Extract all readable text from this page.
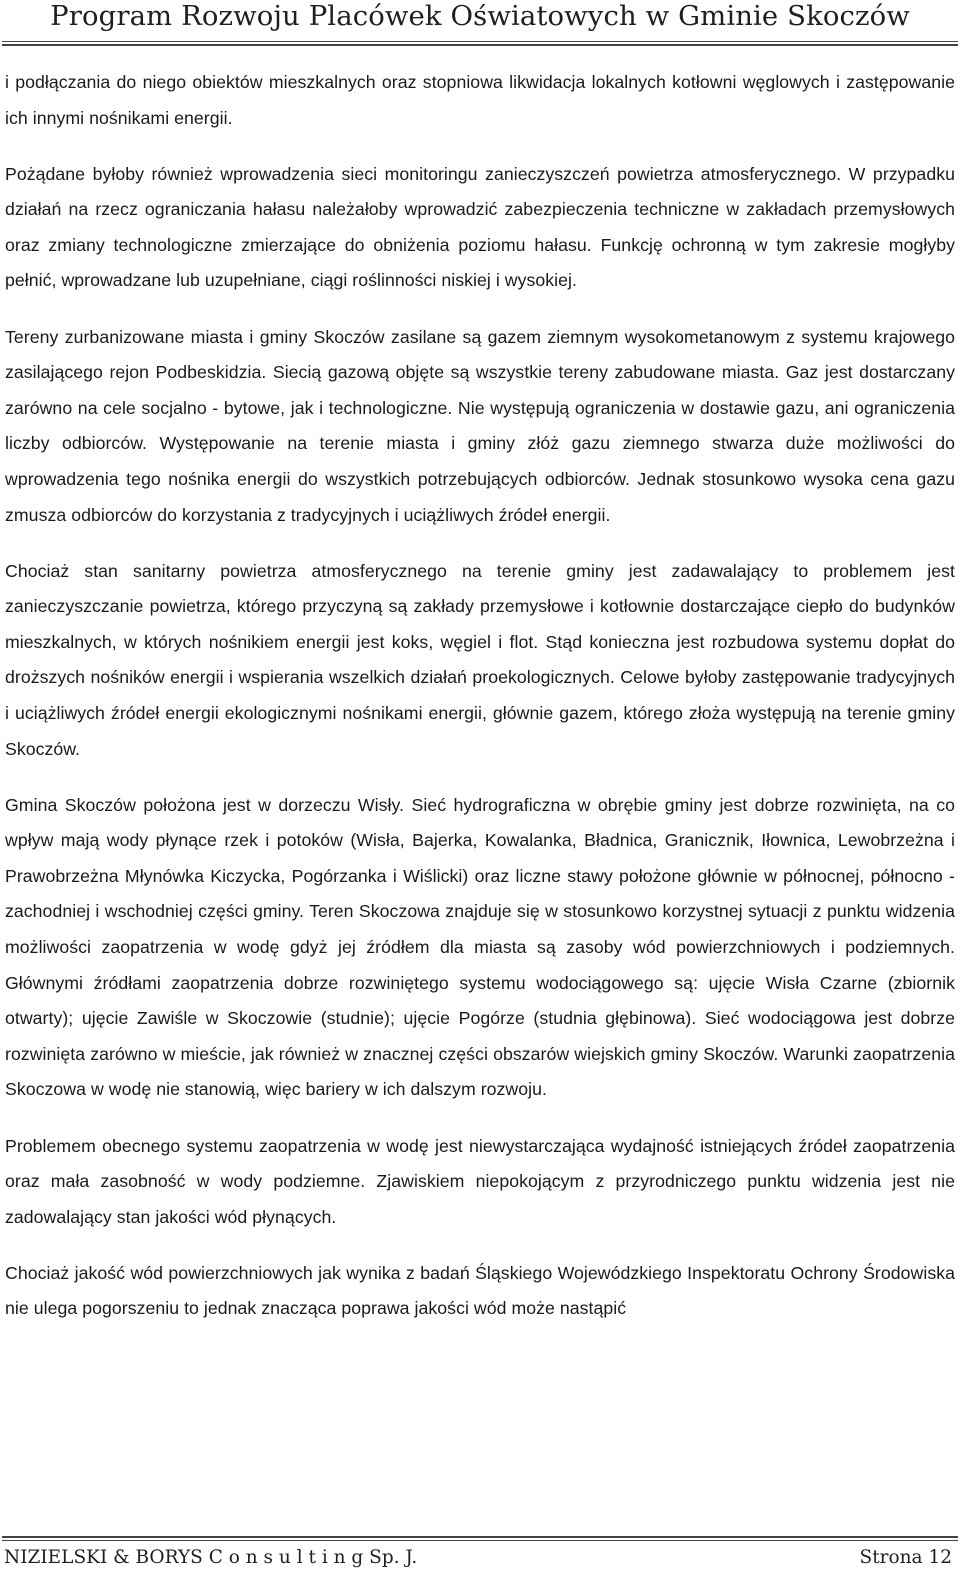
Program Rozwoju Placówek Oświatowych w Gminie Skoczów

i podłączania do niego obiektów mieszkalnych oraz stopniowa likwidacja lokalnych kotłowni węglowych i zastępowanie ich innymi nośnikami energii.

Pożądane byłoby również wprowadzenia sieci monitoringu zanieczyszczeń powietrza atmosferycznego. W przypadku działań na rzecz ograniczania hałasu należałoby wprowadzić zabezpieczenia techniczne w zakładach przemysłowych oraz zmiany technologiczne zmierzające do obniżenia poziomu hałasu. Funkcję ochronną w tym zakresie mogłyby pełnić, wprowadzane lub uzupełniane, ciągi roślinności niskiej i wysokiej.

Tereny zurbanizowane miasta i gminy Skoczów zasilane są gazem ziemnym wysokometanowym z systemu krajowego zasilającego rejon Podbeskidzia. Siecią gazową objęte są wszystkie tereny zabudowane miasta. Gaz jest dostarczany zarówno na cele socjalno - bytowe, jak i technologiczne. Nie występują ograniczenia w dostawie gazu, ani ograniczenia liczby odbiorców. Występowanie na terenie miasta i gminy złóż gazu ziemnego stwarza duże możliwości do wprowadzenia tego nośnika energii do wszystkich potrzebujących odbiorców. Jednak stosunkowo wysoka cena gazu zmusza odbiorców do korzystania z tradycyjnych i uciążliwych źródeł energii.

Chociaż stan sanitarny powietrza atmosferycznego na terenie gminy jest zadawalający to problemem jest zanieczyszczanie powietrza, którego przyczyną są zakłady przemysłowe i kotłownie dostarczające ciepło do budynków mieszkalnych, w których nośnikiem energii jest koks, węgiel i flot. Stąd konieczna jest rozbudowa systemu dopłat do droższych nośników energii i wspierania wszelkich działań proekologicznych. Celowe byłoby zastępowanie tradycyjnych i uciążliwych źródeł energii ekologicznymi nośnikami energii, głównie gazem, którego złoża występują na terenie gminy Skoczów.

Gmina Skoczów położona jest w dorzeczu Wisły. Sieć hydrograficzna w obrębie gminy jest dobrze rozwinięta, na co wpływ mają wody płynące rzek i potoków (Wisła, Bajerka, Kowalanka, Bładnica, Granicznik, Iłownica, Lewobrzeżna i Prawobrzeżna Młynówka Kiczycka, Pogórzanka i Wiślicki) oraz liczne stawy położone głównie w północnej, północno - zachodniej i wschodniej części gminy. Teren Skoczowa znajduje się w stosunkowo korzystnej sytuacji z punktu widzenia możliwości zaopatrzenia w wodę gdyż jej źródłem dla miasta są zasoby wód powierzchniowych i podziemnych. Głównymi źródłami zaopatrzenia dobrze rozwiniętego systemu wodociągowego są: ujęcie Wisła Czarne (zbiornik otwarty); ujęcie Zawiśle w Skoczowie (studnie); ujęcie Pogórze (studnia głębinowa). Sieć wodociągowa jest dobrze rozwinięta zarówno w mieście, jak również w znacznej części obszarów wiejskich gminy Skoczów. Warunki zaopatrzenia Skoczowa w wodę nie stanowią, więc bariery w ich dalszym rozwoju.

Problemem obecnego systemu zaopatrzenia w wodę jest niewystarczająca wydajność istniejących źródeł zaopatrzenia oraz mała zasobność w wody podziemne. Zjawiskiem niepokojącym z przyrodniczego punktu widzenia jest nie zadowalający stan jakości wód płynących.

Chociaż jakość wód powierzchniowych jak wynika z badań Śląskiego Wojewódzkiego Inspektoratu Ochrony Środowiska nie ulega pogorszeniu to jednak znacząca poprawa jakości wód może nastąpić

NIZIELSKI & BORYS C o n s u l t i n g Sp. J.	Strona 12
